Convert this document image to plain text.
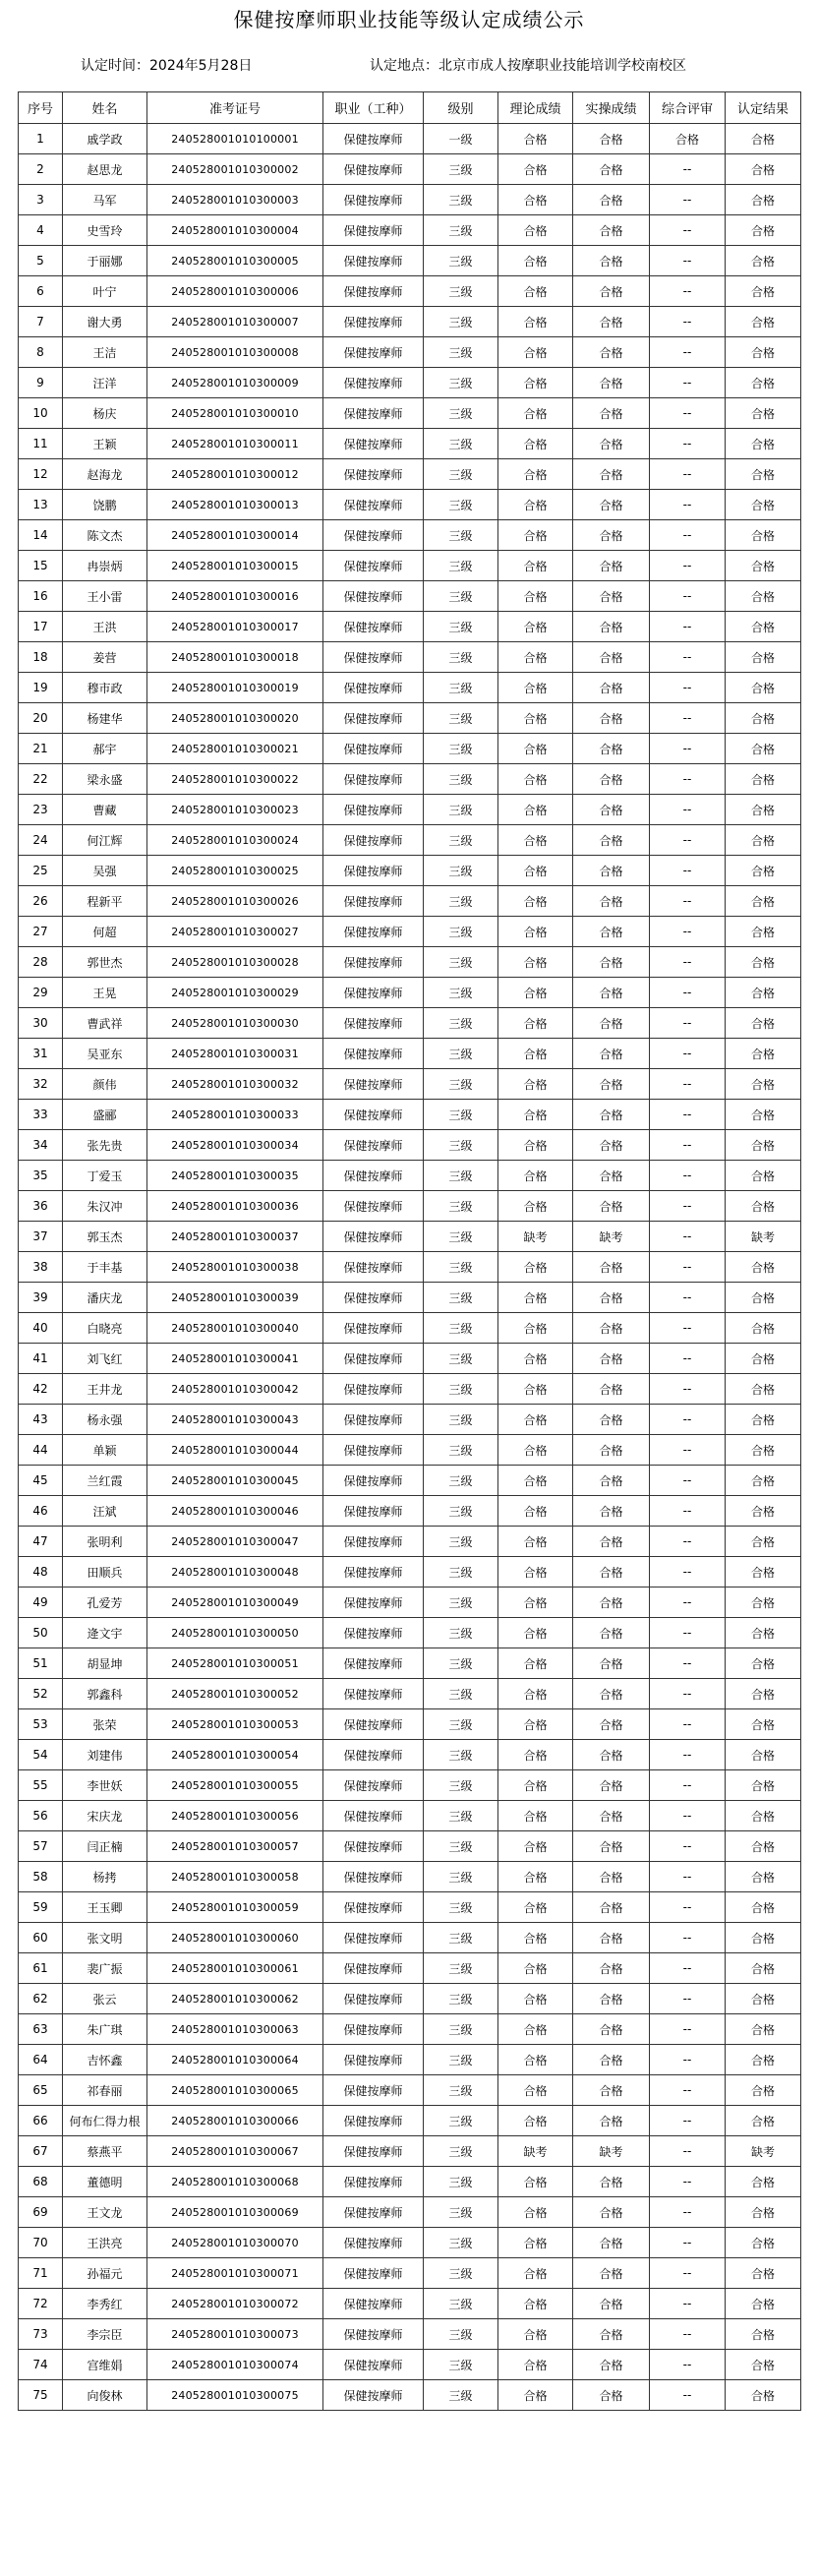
保健按摩师职业技能等级认定成绩公示
认定时间：2024年5月28日	认定地点：北京市成人按摩职业技能培训学校南校区
序号	姓名	准考证号	职业（工种）	级别	理论成绩	实操成绩	综合评审	认定结果
1	戚学政	240528001010100001	保健按摩师	一级	合格	合格	合格	合格
2	赵思龙	240528001010300002	保健按摩师	三级	合格	合格	--	合格
3	马军	240528001010300003	保健按摩师	三级	合格	合格	--	合格
4	史雪玲	240528001010300004	保健按摩师	三级	合格	合格	--	合格
5	于丽娜	240528001010300005	保健按摩师	三级	合格	合格	--	合格
6	叶宁	240528001010300006	保健按摩师	三级	合格	合格	--	合格
7	谢大勇	240528001010300007	保健按摩师	三级	合格	合格	--	合格
8	王洁	240528001010300008	保健按摩师	三级	合格	合格	--	合格
9	汪洋	240528001010300009	保健按摩师	三级	合格	合格	--	合格
10	杨庆	240528001010300010	保健按摩师	三级	合格	合格	--	合格
11	王颖	240528001010300011	保健按摩师	三级	合格	合格	--	合格
12	赵海龙	240528001010300012	保健按摩师	三级	合格	合格	--	合格
13	饶鹏	240528001010300013	保健按摩师	三级	合格	合格	--	合格
14	陈文杰	240528001010300014	保健按摩师	三级	合格	合格	--	合格
15	冉崇炳	240528001010300015	保健按摩师	三级	合格	合格	--	合格
16	王小雷	240528001010300016	保健按摩师	三级	合格	合格	--	合格
17	王洪	240528001010300017	保健按摩师	三级	合格	合格	--	合格
18	姜营	240528001010300018	保健按摩师	三级	合格	合格	--	合格
19	穆市政	240528001010300019	保健按摩师	三级	合格	合格	--	合格
20	杨建华	240528001010300020	保健按摩师	三级	合格	合格	--	合格
21	郝宇	240528001010300021	保健按摩师	三级	合格	合格	--	合格
22	梁永盛	240528001010300022	保健按摩师	三级	合格	合格	--	合格
23	曹藏	240528001010300023	保健按摩师	三级	合格	合格	--	合格
24	何江辉	240528001010300024	保健按摩师	三级	合格	合格	--	合格
25	吴强	240528001010300025	保健按摩师	三级	合格	合格	--	合格
26	程新平	240528001010300026	保健按摩师	三级	合格	合格	--	合格
27	何超	240528001010300027	保健按摩师	三级	合格	合格	--	合格
28	郭世杰	240528001010300028	保健按摩师	三级	合格	合格	--	合格
29	王晃	240528001010300029	保健按摩师	三级	合格	合格	--	合格
30	曹武祥	240528001010300030	保健按摩师	三级	合格	合格	--	合格
31	吴亚东	240528001010300031	保健按摩师	三级	合格	合格	--	合格
32	颜伟	240528001010300032	保健按摩师	三级	合格	合格	--	合格
33	盛郦	240528001010300033	保健按摩师	三级	合格	合格	--	合格
34	张先贵	240528001010300034	保健按摩师	三级	合格	合格	--	合格
35	丁爱玉	240528001010300035	保健按摩师	三级	合格	合格	--	合格
36	朱汉冲	240528001010300036	保健按摩师	三级	合格	合格	--	合格
37	郭玉杰	240528001010300037	保健按摩师	三级	缺考	缺考	--	缺考
38	于丰基	240528001010300038	保健按摩师	三级	合格	合格	--	合格
39	潘庆龙	240528001010300039	保健按摩师	三级	合格	合格	--	合格
40	白晓亮	240528001010300040	保健按摩师	三级	合格	合格	--	合格
41	刘飞红	240528001010300041	保健按摩师	三级	合格	合格	--	合格
42	王井龙	240528001010300042	保健按摩师	三级	合格	合格	--	合格
43	杨永强	240528001010300043	保健按摩师	三级	合格	合格	--	合格
44	单颖	240528001010300044	保健按摩师	三级	合格	合格	--	合格
45	兰红霞	240528001010300045	保健按摩师	三级	合格	合格	--	合格
46	汪斌	240528001010300046	保健按摩师	三级	合格	合格	--	合格
47	张明利	240528001010300047	保健按摩师	三级	合格	合格	--	合格
48	田顺兵	240528001010300048	保健按摩师	三级	合格	合格	--	合格
49	孔爱芳	240528001010300049	保健按摩师	三级	合格	合格	--	合格
50	逄文宇	240528001010300050	保健按摩师	三级	合格	合格	--	合格
51	胡显坤	240528001010300051	保健按摩师	三级	合格	合格	--	合格
52	郭鑫科	240528001010300052	保健按摩师	三级	合格	合格	--	合格
53	张荣	240528001010300053	保健按摩师	三级	合格	合格	--	合格
54	刘建伟	240528001010300054	保健按摩师	三级	合格	合格	--	合格
55	李世妖	240528001010300055	保健按摩师	三级	合格	合格	--	合格
56	宋庆龙	240528001010300056	保健按摩师	三级	合格	合格	--	合格
57	闫正楠	240528001010300057	保健按摩师	三级	合格	合格	--	合格
58	杨拷	240528001010300058	保健按摩师	三级	合格	合格	--	合格
59	王玉卿	240528001010300059	保健按摩师	三级	合格	合格	--	合格
60	张文明	240528001010300060	保健按摩师	三级	合格	合格	--	合格
61	裴广振	240528001010300061	保健按摩师	三级	合格	合格	--	合格
62	张云	240528001010300062	保健按摩师	三级	合格	合格	--	合格
63	朱广琪	240528001010300063	保健按摩师	三级	合格	合格	--	合格
64	吉怀鑫	240528001010300064	保健按摩师	三级	合格	合格	--	合格
65	祁春丽	240528001010300065	保健按摩师	三级	合格	合格	--	合格
66	何布仁得力根	240528001010300066	保健按摩师	三级	合格	合格	--	合格
67	蔡燕平	240528001010300067	保健按摩师	三级	缺考	缺考	--	缺考
68	董德明	240528001010300068	保健按摩师	三级	合格	合格	--	合格
69	王文龙	240528001010300069	保健按摩师	三级	合格	合格	--	合格
70	王洪亮	240528001010300070	保健按摩师	三级	合格	合格	--	合格
71	孙福元	240528001010300071	保健按摩师	三级	合格	合格	--	合格
72	李秀红	240528001010300072	保健按摩师	三级	合格	合格	--	合格
73	李宗臣	240528001010300073	保健按摩师	三级	合格	合格	--	合格
74	宫维娟	240528001010300074	保健按摩师	三级	合格	合格	--	合格
75	向俊林	240528001010300075	保健按摩师	三级	合格	合格	--	合格
